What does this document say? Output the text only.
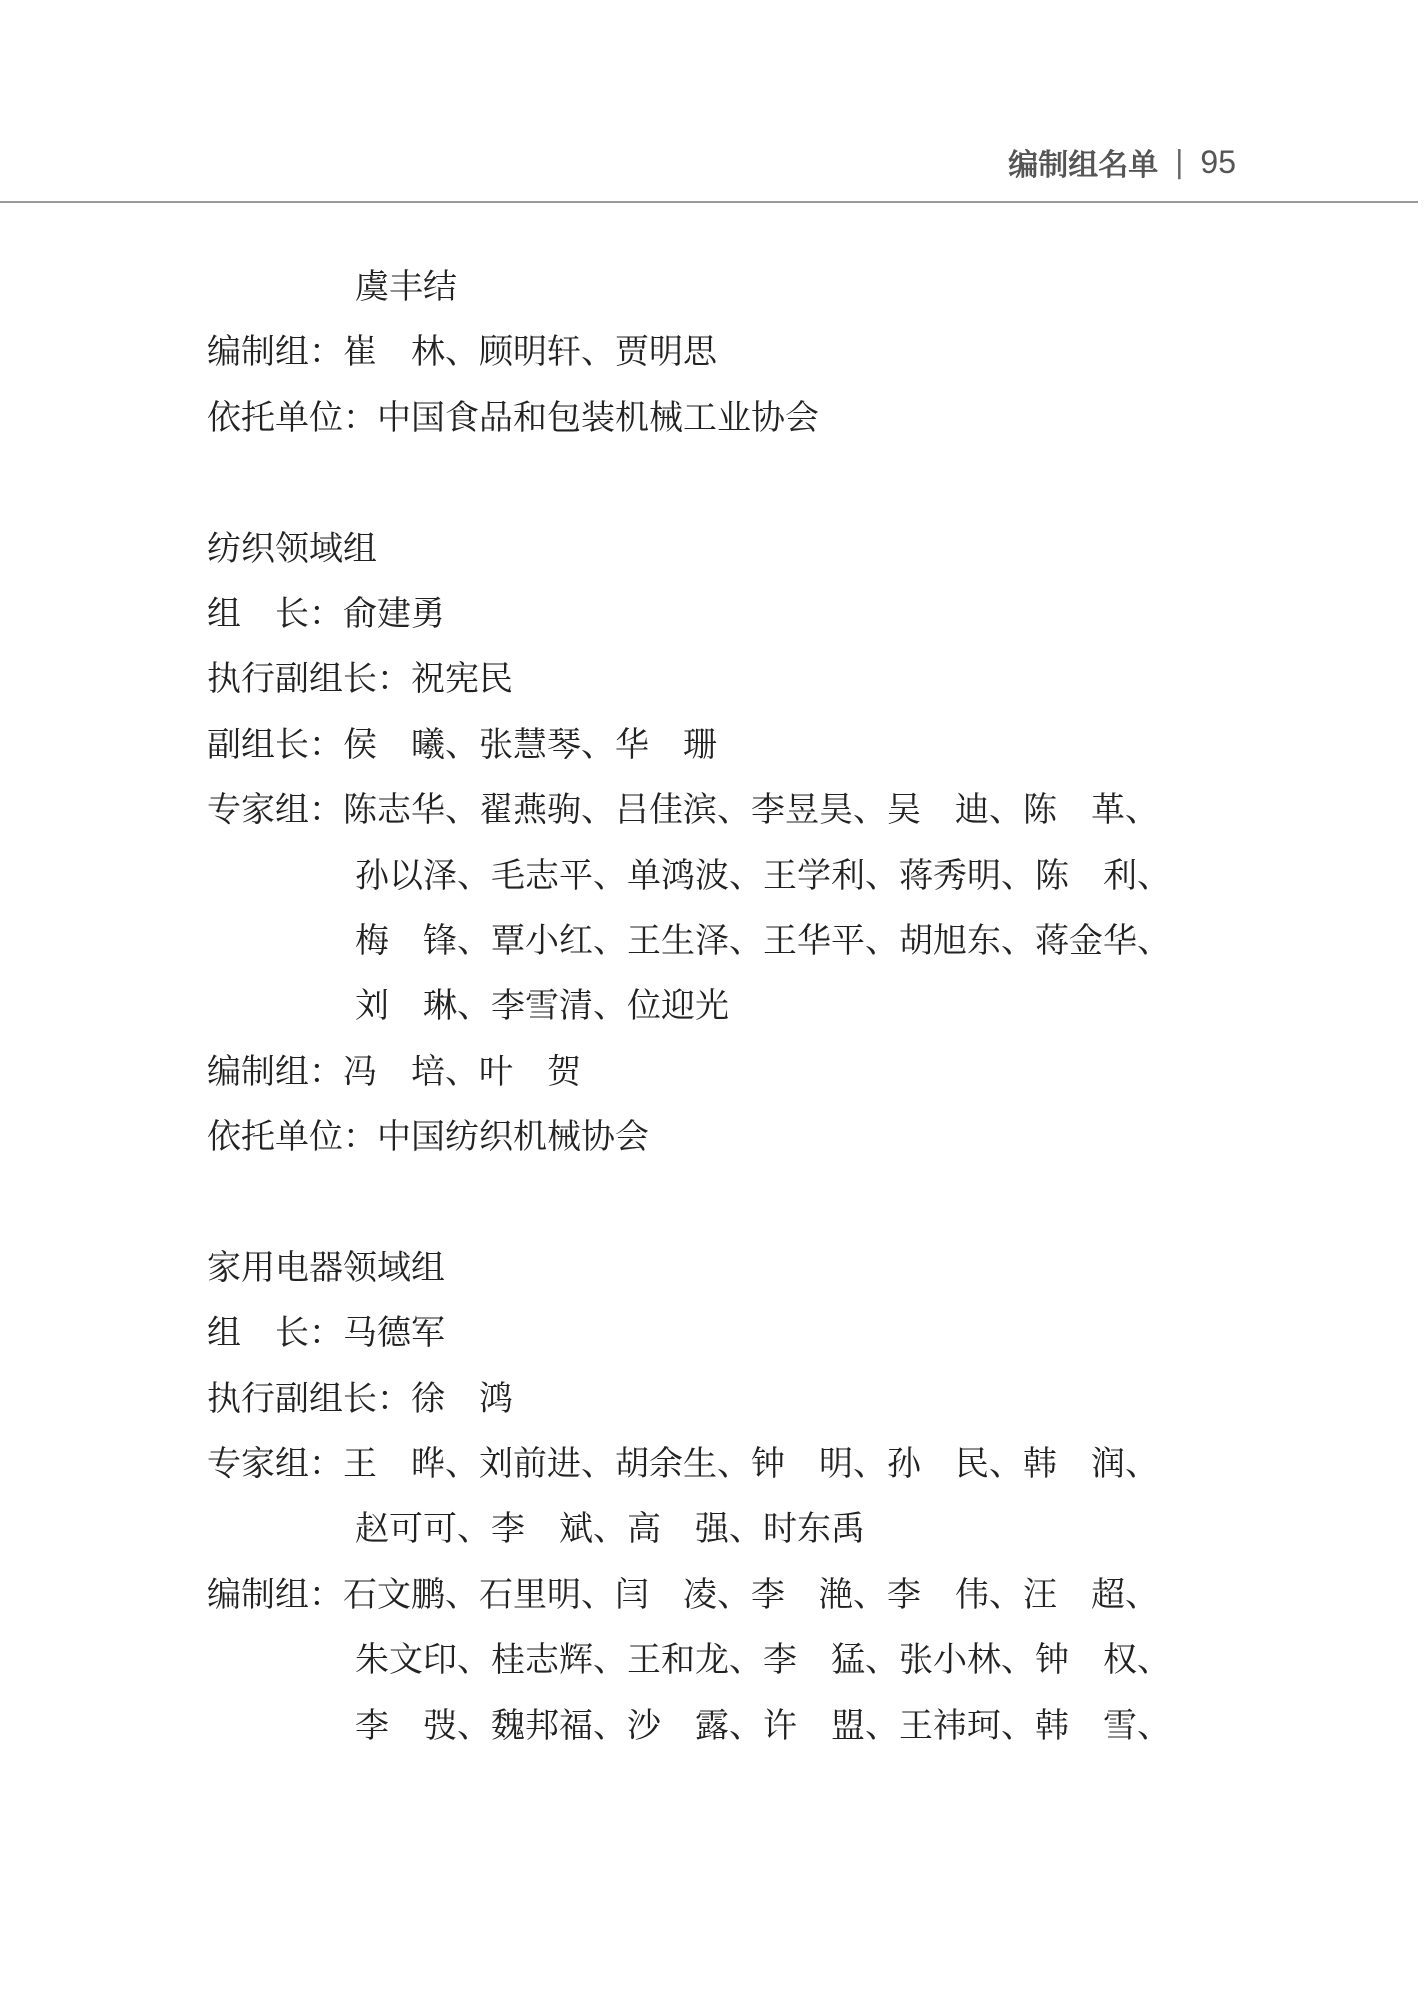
编制组名单 | 95
虞丰结
编制组：崔　林、顾明轩、贾明思
依托单位：中国食品和包装机械工业协会
纺织领域组
组　长：俞建勇
执行副组长：祝宪民
副组长：侯　曦、张慧琴、华　珊
专家组：陈志华、翟燕驹、吕佳滨、李昱昊、吴　迪、陈　革、
孙以泽、毛志平、单鸿波、王学利、蒋秀明、陈　利、
梅　锋、覃小红、王生泽、王华平、胡旭东、蒋金华、
刘　琳、李雪清、位迎光
编制组：冯　培、叶　贺
依托单位：中国纺织机械协会
家用电器领域组
组　长：马德军
执行副组长：徐　鸿
专家组：王　晔、刘前进、胡余生、钟　明、孙　民、韩　润、
赵可可、李　斌、高　强、时东禹
编制组：石文鹏、石里明、闫　凌、李　滟、李　伟、汪　超、
朱文印、桂志辉、王和龙、李　猛、张小林、钟　权、
李　弢、魏邦福、沙　露、许　盟、王祎珂、韩　雪、
